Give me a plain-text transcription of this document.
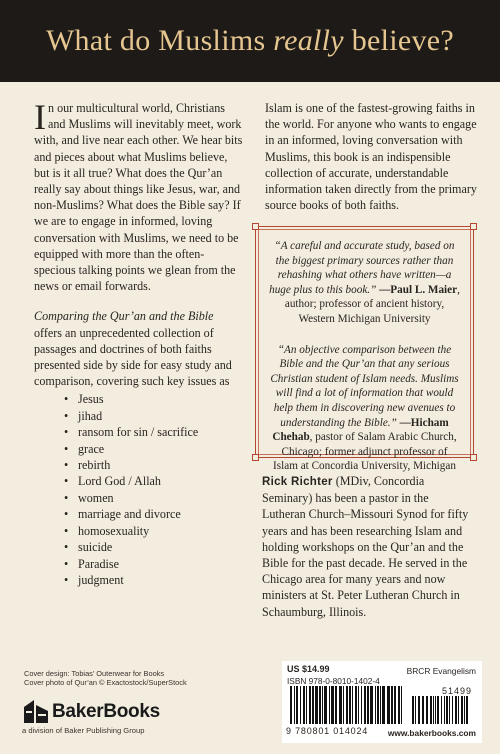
What do Muslims really believe?

In our multicultural world, Christians and Muslims will inevitably meet, work with, and live near each other. We hear bits and pieces about what Muslims believe, but is it all true? What does the Qur’an really say about things like Jesus, war, and non-Muslims? What does the Bible say? If we are to engage in informed, loving conversation with Muslims, we need to be equipped with more than the often-specious talking points we glean from the news or email forwards.

Comparing the Qur’an and the Bible offers an unprecedented collection of passages and doctrines of both faiths presented side by side for easy study and comparison, covering such key issues as

• Jesus
• jihad
• ransom for sin / sacrifice
• grace
• rebirth
• Lord God / Allah
• women
• marriage and divorce
• homosexuality
• suicide
• Paradise
• judgment

Islam is one of the fastest-growing faiths in the world. For anyone who wants to engage in an informed, loving conversation with Muslims, this book is an indispensible collection of accurate, understandable information taken directly from the primary source books of both faiths.

“A careful and accurate study, based on the biggest primary sources rather than rehashing what others have written—a huge plus to this book.” —Paul L. Maier, author; professor of ancient history, Western Michigan University
“An objective comparison between the Bible and the Qur’an that any serious Christian student of Islam needs. Muslims will find a lot of information that would help them in discovering new avenues to understanding the Bible.” —Hicham Chehab, pastor of Salam Arabic Church, Chicago; former adjunct professor of Islam at Concordia University, Michigan
Rick Richter (MDiv, Concordia Seminary) has been a pastor in the Lutheran Church–Missouri Synod for fifty years and has been researching Islam and holding workshops on the Qur’an and the Bible for the past decade. He served in the Chicago area for many years and now ministers at St. Peter Lutheran Church in Schaumburg, Illinois.
Cover design: Tobias’ Outerwear for Books
Cover photo of Qur’an © Exactostock/SuperStock
BakerBooks
a division of Baker Publishing Group
US $14.99	BRCR Evangelism
ISBN 978-0-8010-1402-4
51499
9 780801 014024 www.bakerbooks.com
